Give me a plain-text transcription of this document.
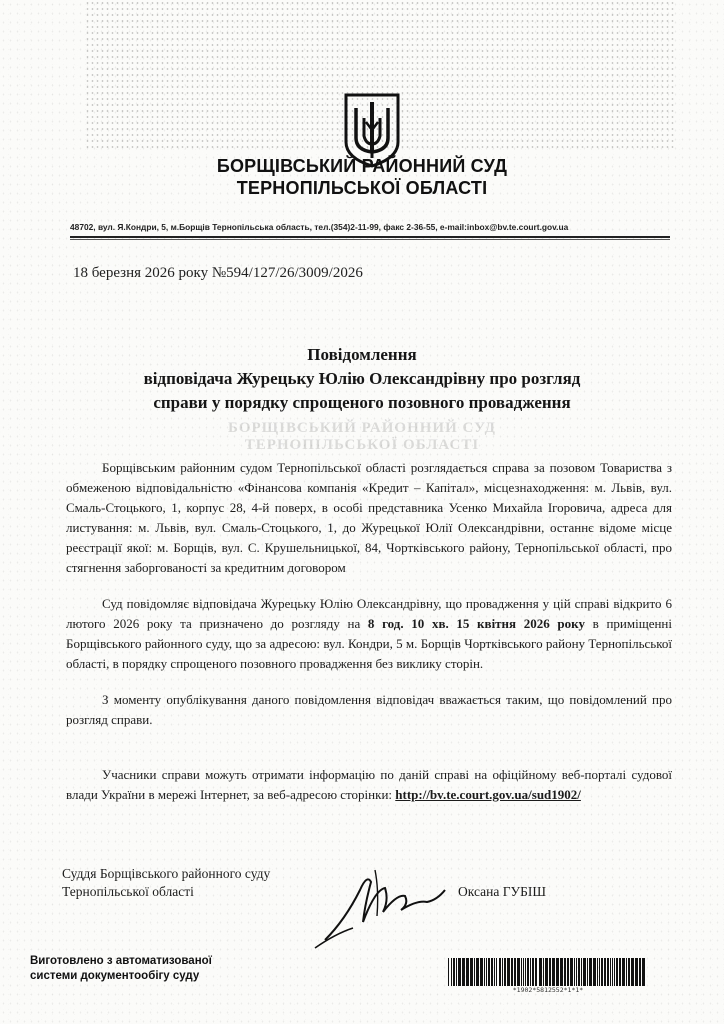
БОРЩІВСЬКИЙ РАЙОННИЙ СУД
ТЕРНОПІЛЬСЬКОЇ ОБЛАСТІ
48702, вул. Я.Кондри, 5, м.Борщів Тернопільська область, тел.(354)2-11-99, факс 2-36-55, e-mail:inbox@bv.te.court.gov.ua
18 березня 2026 року №594/127/26/3009/2026
Повідомлення
відповідача Журецьку Юлію Олександрівну про розгляд
справи у порядку спрощеного позовного провадження
БОРЩІВСЬКИЙ РАЙОННИЙ СУД
ТЕРНОПІЛЬСЬКОЇ ОБЛАСТІ
Борщівським районним судом Тернопільської області розглядається справа за позовом Товариства з обмеженою відповідальністю «Фінансова компанія «Кредит – Капітал», місцезнаходження: м. Львів, вул. Смаль-Стоцького, 1, корпус 28, 4-й поверх, в особі представника Усенко Михайла Ігоровича, адреса для листування: м. Львів, вул. Смаль-Стоцького, 1, до Журецької Юлії Олександрівни, останнє відоме місце реєстрації якої: м. Борщів, вул. С. Крушельницької, 84, Чортківського району, Тернопільської області, про стягнення заборгованості за кредитним договором
Суд повідомляє відповідача Журецьку Юлію Олександрівну, що провадження у цій справі відкрито 6 лютого 2026 року та призначено до розгляду на 8 год. 10 хв. 15 квітня 2026 року в приміщенні Борщівського районного суду, що за адресою: вул. Кондри, 5 м. Борщів Чортківського району Тернопільської області, в порядку спрощеного позовного провадження без виклику сторін.
З моменту опублікування даного повідомлення відповідач вважається таким, що повідомлений про розгляд справи.
Учасники справи можуть отримати інформацію по даній справі на офіційному веб-порталі судової влади України в мережі Інтернет, за веб-адресою сторінки: http://bv.te.court.gov.ua/sud1902/
Суддя Борщівського районного суду
Тернопільської області	Оксана ГУБІШ
Виготовлено з автоматизованої
системи документообігу суду
*1902*5812552*1*1*
